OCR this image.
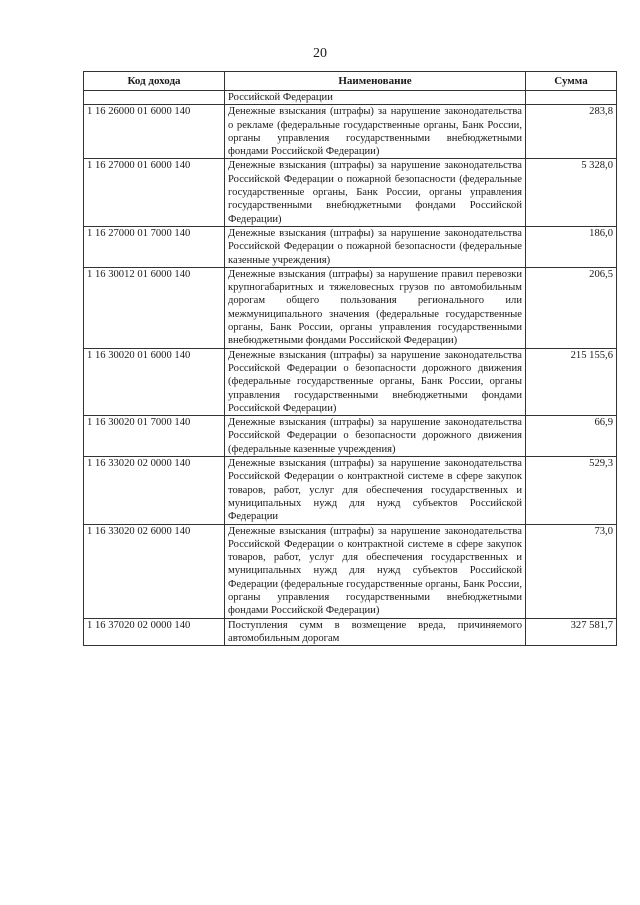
20
Код дохода	Наименование	Сумма
	Российской Федерации	
1 16 26000 01 6000 140	Денежные взыскания (штрафы) за нарушение законодательства о рекламе (федеральные государственные органы, Банк России, органы управления государственными внебюджетными фондами Российской Федерации)	283,8
1 16 27000 01 6000 140	Денежные взыскания (штрафы) за нарушение законодательства Российской Федерации о пожарной безопасности (федеральные государственные органы, Банк России, органы управления государственными внебюджетными фондами Российской Федерации)	5 328,0
1 16 27000 01 7000 140	Денежные взыскания (штрафы) за нарушение законодательства Российской Федерации о пожарной безопасности (федеральные казенные учреждения)	186,0
1 16 30012 01 6000 140	Денежные взыскания (штрафы) за нарушение правил перевозки крупногабаритных и тяжеловесных грузов по автомобильным дорогам общего пользования регионального или межмуниципального значения (федеральные государственные органы, Банк России, органы управления государственными внебюджетными фондами Российской Федерации)	206,5
1 16 30020 01 6000 140	Денежные взыскания (штрафы) за нарушение законодательства Российской Федерации о безопасности дорожного движения (федеральные государственные органы, Банк России, органы управления государственными внебюджетными фондами Российской Федерации)	215 155,6
1 16 30020 01 7000 140	Денежные взыскания (штрафы) за нарушение законодательства Российской Федерации о безопасности дорожного движения (федеральные казенные учреждения)	66,9
1 16 33020 02 0000 140	Денежные взыскания (штрафы) за нарушение законодательства Российской Федерации о контрактной системе в сфере закупок товаров, работ, услуг для обеспечения государственных и муниципальных нужд для нужд субъектов Российской Федерации	529,3
1 16 33020 02 6000 140	Денежные взыскания (штрафы) за нарушение законодательства Российской Федерации о контрактной системе в сфере закупок товаров, работ, услуг для обеспечения государственных и муниципальных нужд для нужд субъектов Российской Федерации (федеральные государственные органы, Банк России, органы управления государственными внебюджетными фондами Российской Федерации)	73,0
1 16 37020 02 0000 140	Поступления сумм в возмещение вреда, причиняемого автомобильным дорогам	327 581,7
